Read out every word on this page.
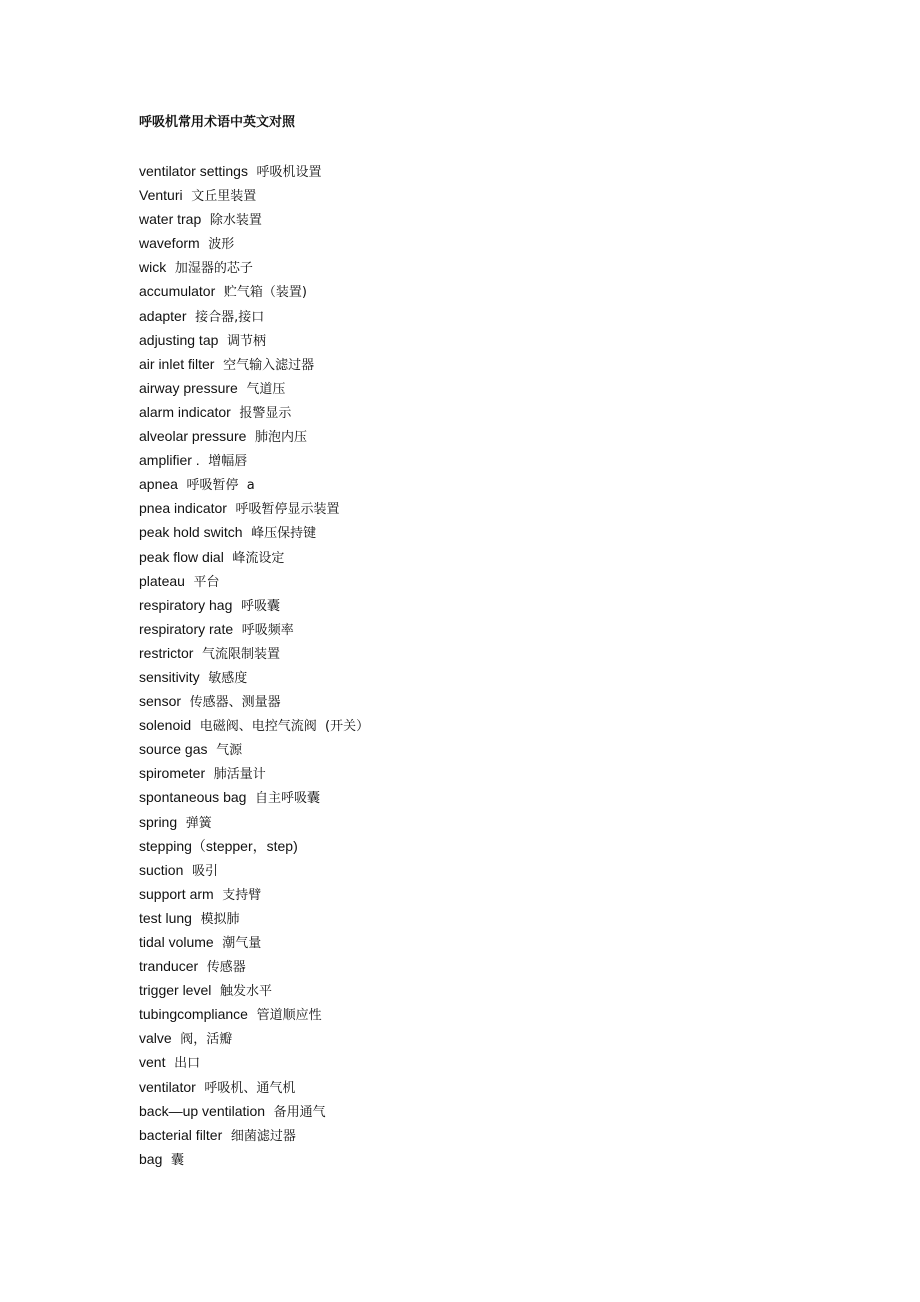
呼吸机常用术语中英文对照
ventilator settings 呼吸机设置
Venturi 文丘里装置
water trap 除水装置
waveform 波形
wick 加湿器的芯子
accumulator 贮气箱（装置)
adapter 接合器,接口
adjusting tap 调节柄
air inlet filter 空气输入滤过器
airway pressure 气道压
alarm indicator 报警显示
alveolar pressure 肺泡内压
amplifier . 增幅唇
apnea 呼吸暂停  a
pnea indicator 呼吸暂停显示装置
peak hold switch 峰压保持键
peak flow dial 峰流设定
plateau 平台
respiratory hag 呼吸囊
respiratory rate 呼吸频率
restrictor 气流限制装置
sensitivity 敏感度
sensor 传感器、测量器
solenoid 电磁阀、电控气流阀  (开关）
source gas 气源
spirometer 肺活量计
spontaneous bag 自主呼吸囊
spring 弹簧
stepping（stepper，step)
suction 吸引
support arm 支持臂
test lung 模拟肺
tidal volume 潮气量
tranducer 传感器
trigger level 触发水平
tubingcompliance 管道顺应性
valve 阀，活瓣
vent 出口
ventilator 呼吸机、通气机
back—up ventilation 备用通气
bacterial filter 细菌滤过器
bag 囊
